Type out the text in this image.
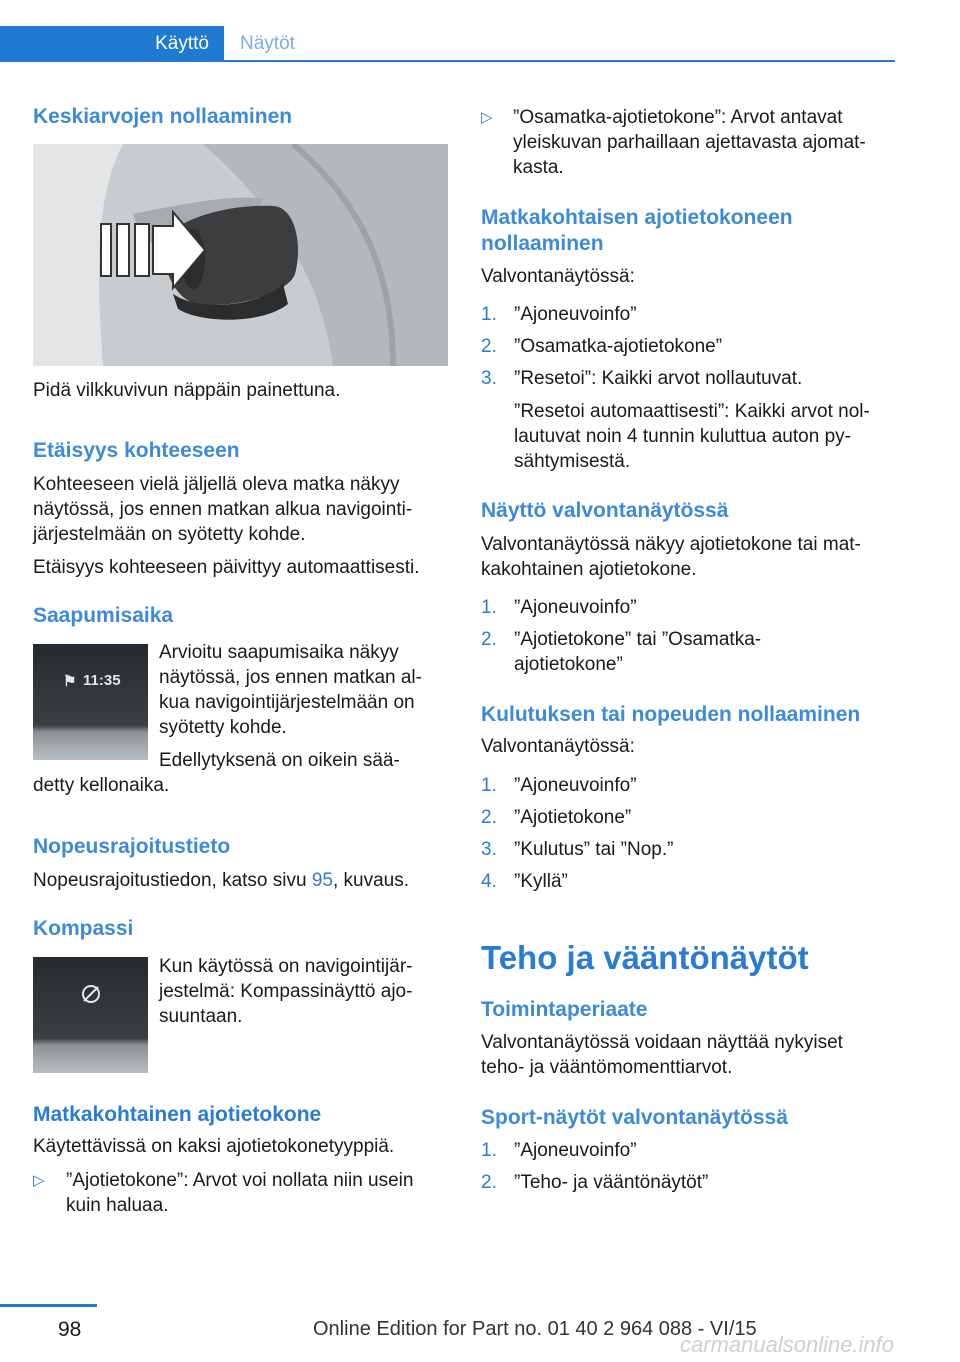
Käyttö	Näytöt
Keskiarvojen nollaaminen

Pidä vilkkuvivun näppäin painettuna.

Etäisyys kohteeseen

Kohteeseen vielä jäljellä oleva matka näkyy

näytössä, jos ennen matkan alkua navigointi‐

järjestelmään on syötetty kohde.

Etäisyys kohteeseen päivittyy automaattisesti.

Saapumisaika
⚑ 11:35

Arvioitu saapumisaika näkyy

näytössä, jos ennen matkan al‐

kua navigointijärjestelmään on

syötetty kohde.

Edellytyksenä on oikein sää‐

detty kellonaika.

Nopeusrajoitustieto

Nopeusrajoitustiedon, katso sivu 95, kuvaus.

Kompassi

Kun käytössä on navigointijär‐

jestelmä: Kompassinäyttö ajo‐

suuntaan.

Matkakohtainen ajotietokone

Käytettävissä on kaksi ajotietokonetyyppiä.

▷ ”Ajotietokone”: Arvot voi nollata niin usein

kuin haluaa.

▷ ”Osamatka-ajotietokone”: Arvot antavat

yleiskuvan parhaillaan ajettavasta ajomat‐

kasta.

Matkakohtaisen ajotietokoneen
nollaaminen

Valvontanäytössä:

1. ”Ajoneuvoinfo”
2. ”Osamatka-ajotietokone”
3. ”Resetoi”: Kaikki arvot nollautuvat.

”Resetoi automaattisesti”: Kaikki arvot nol‐

lautuvat noin 4 tunnin kuluttua auton py‐

sähtymisestä.

Näyttö valvontanäytössä

Valvontanäytössä näkyy ajotietokone tai mat‐

kakohtainen ajotietokone.

1. ”Ajoneuvoinfo”

2. ”Ajotietokone” tai ”Osamatka-

ajotietokone”

Kulutuksen tai nopeuden nollaaminen

Valvontanäytössä:

1. ”Ajoneuvoinfo”
2. ”Ajotietokone”
3. ”Kulutus” tai ”Nop.”
4. ”Kyllä”
Teho ja vääntönäytöt
Toimintaperiaate

Valvontanäytössä voidaan näyttää nykyiset

teho- ja vääntömomenttiarvot.

Sport-näytöt valvontanäytössä
1. ”Ajoneuvoinfo”
2. ”Teho- ja vääntönäytöt”
98	Online Edition for Part no. 01 40 2 964 088 - VI/15
carmanualsonline.info
